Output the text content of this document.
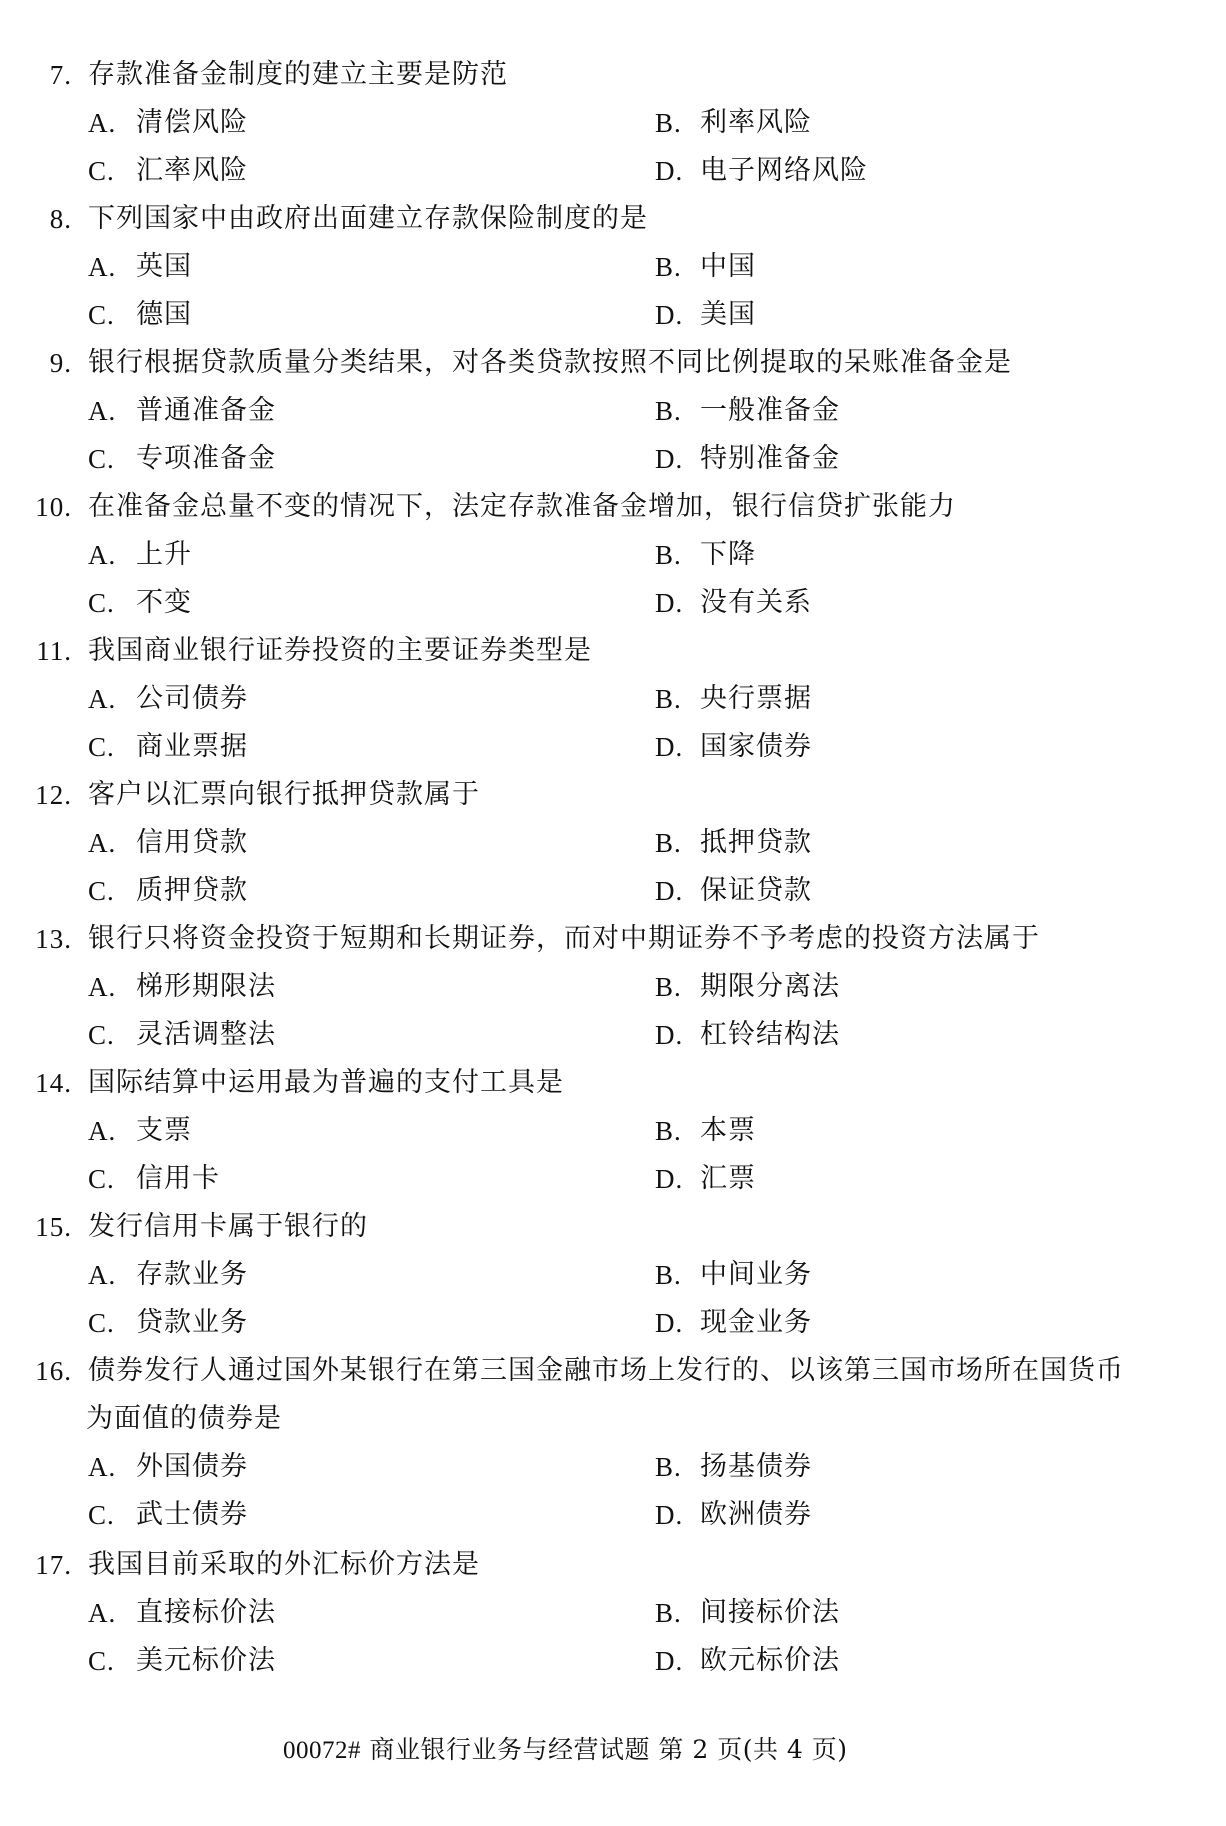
7. 存款准备金制度的建立主要是防范
A. 清偿风险	B. 利率风险
C. 汇率风险	D. 电子网络风险
8. 下列国家中由政府出面建立存款保险制度的是
A. 英国	B. 中国
C. 德国	D. 美国
9. 银行根据贷款质量分类结果，对各类贷款按照不同比例提取的呆账准备金是
A. 普通准备金	B. 一般准备金
C. 专项准备金	D. 特别准备金
10. 在准备金总量不变的情况下，法定存款准备金增加，银行信贷扩张能力
A. 上升	B. 下降
C. 不变	D. 没有关系
11. 我国商业银行证券投资的主要证券类型是
A. 公司债券	B. 央行票据
C. 商业票据	D. 国家债券
12. 客户以汇票向银行抵押贷款属于
A. 信用贷款	B. 抵押贷款
C. 质押贷款	D. 保证贷款
13. 银行只将资金投资于短期和长期证券，而对中期证券不予考虑的投资方法属于
A. 梯形期限法	B. 期限分离法
C. 灵活调整法	D. 杠铃结构法
14. 国际结算中运用最为普遍的支付工具是
A. 支票	B. 本票
C. 信用卡	D. 汇票
15. 发行信用卡属于银行的
A. 存款业务	B. 中间业务
C. 贷款业务	D. 现金业务
16. 债券发行人通过国外某银行在第三国金融市场上发行的、以该第三国市场所在国货币
为面值的债券是
A. 外国债券	B. 扬基债券
C. 武士债券	D. 欧洲债券
17. 我国目前采取的外汇标价方法是
A. 直接标价法	B. 间接标价法
C. 美元标价法	D. 欧元标价法
00072# 商业银行业务与经营试题 第 2 页(共 4 页)
